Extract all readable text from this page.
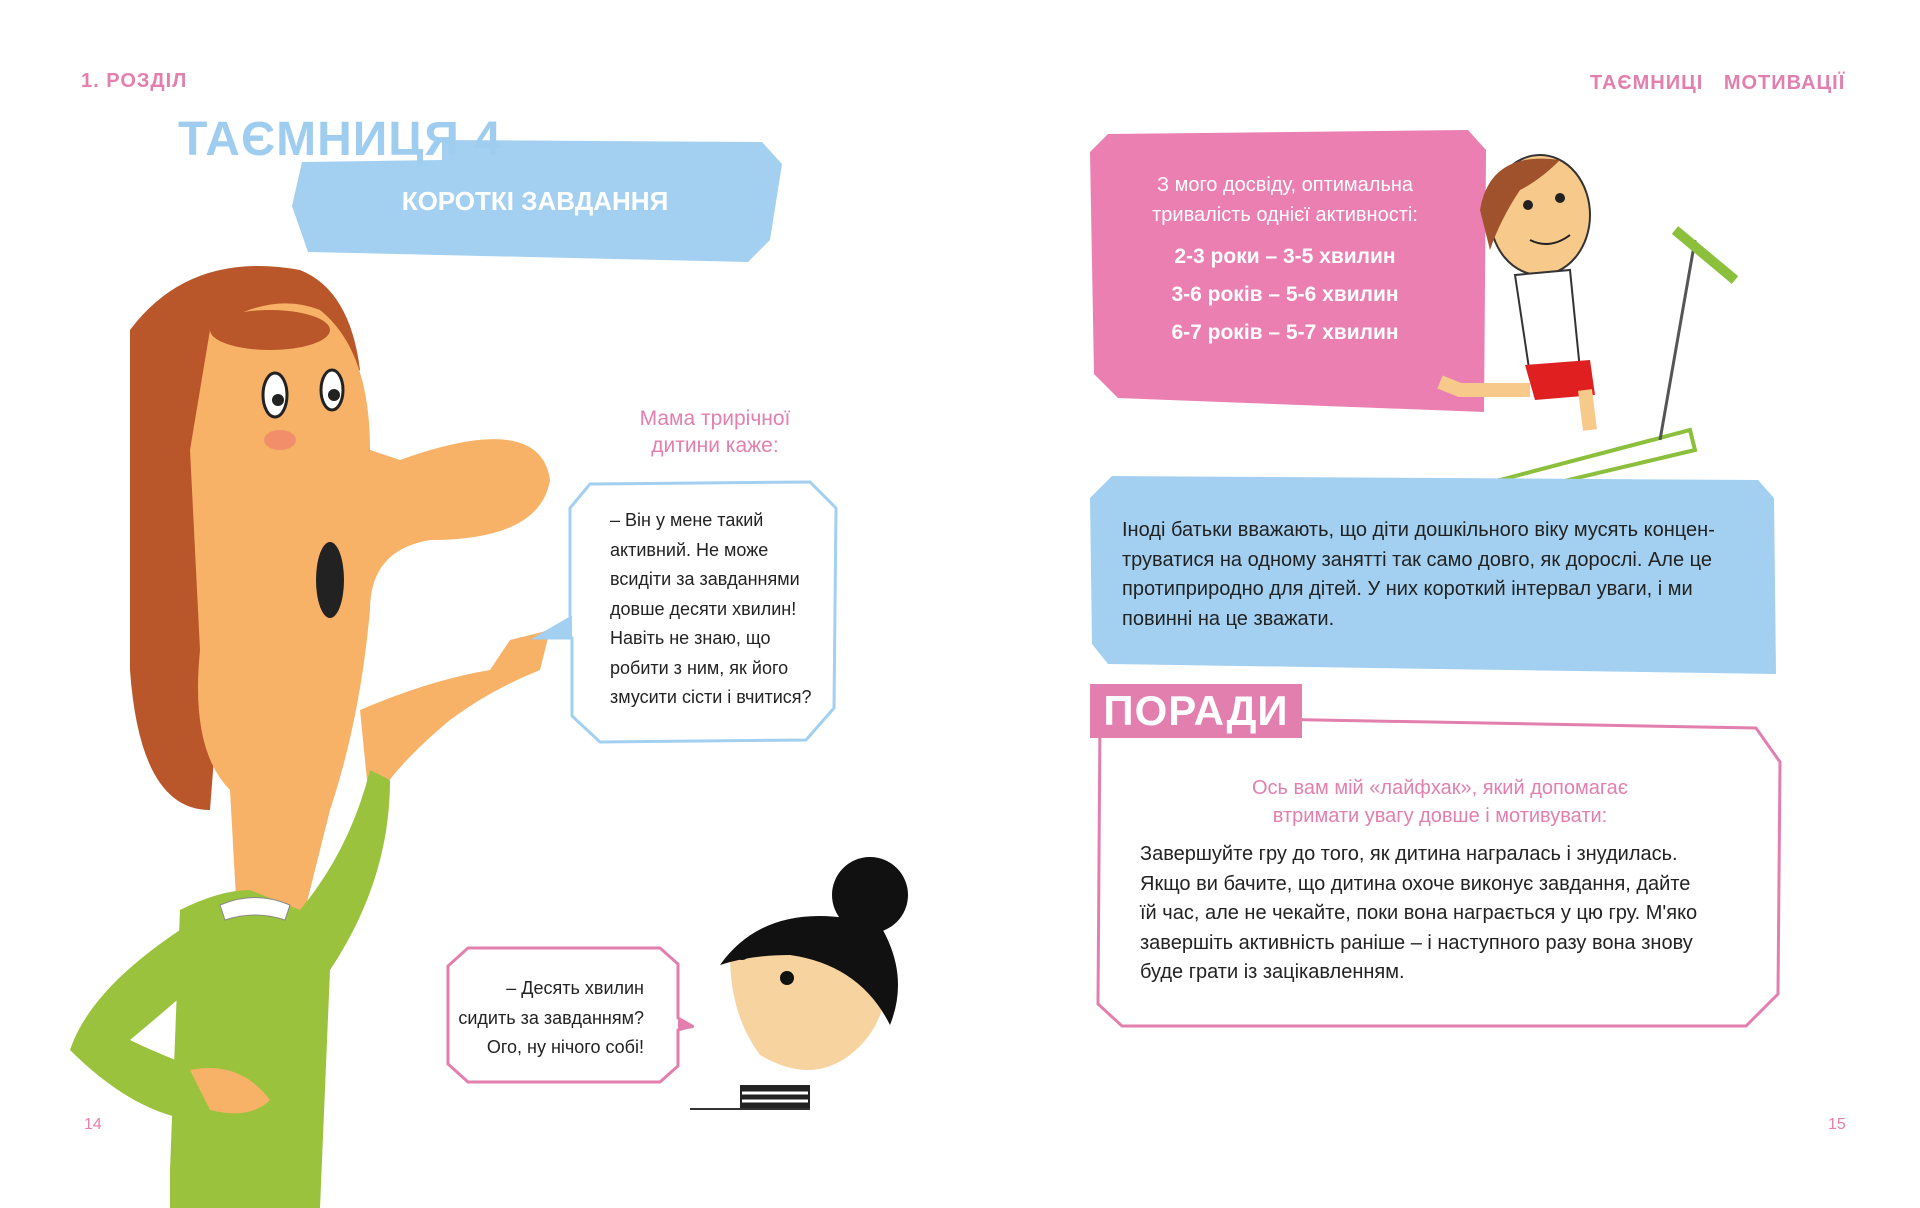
1. РОЗДІЛ
ТАЄМНИЦЯ 4
КОРОТКІ ЗАВДАННЯ
Мама трирічної
дитини каже:
– Він у мене такий
активний. Не може
всидіти за завданнями
довше десяти хвилин!
Навіть не знаю, що
робити з ним, як його
змусити сісти і вчитися?
– Десять хвилин
сидить за завданням?
Ого, ну нічого собі!
14
ТАЄМНИЦІ МОТИВАЦІЇ
З мого досвіду, оптимальна
тривалість однієї активності:
2-3 роки – 3-5 хвилин
3-6 років – 5-6 хвилин
6-7 років – 5-7 хвилин
Іноді батьки вважають, що діти дошкільного віку мусять концен-
труватися на одному занятті так само довго, як дорослі. Але це
протиприродно для дітей. У них короткий інтервал уваги, і ми
повинні на це зважати.
ПОРАДИ
Ось вам мій «лайфхак», який допомагає
втримати увагу довше і мотивувати:
Завершуйте гру до того, як дитина награлась і знудилась.
Якщо ви бачите, що дитина охоче виконує завдання, дайте
їй час, але не чекайте, поки вона награється у цю гру. М'яко
завершіть активність раніше – і наступного разу вона знову
буде грати із зацікавленням.
15
